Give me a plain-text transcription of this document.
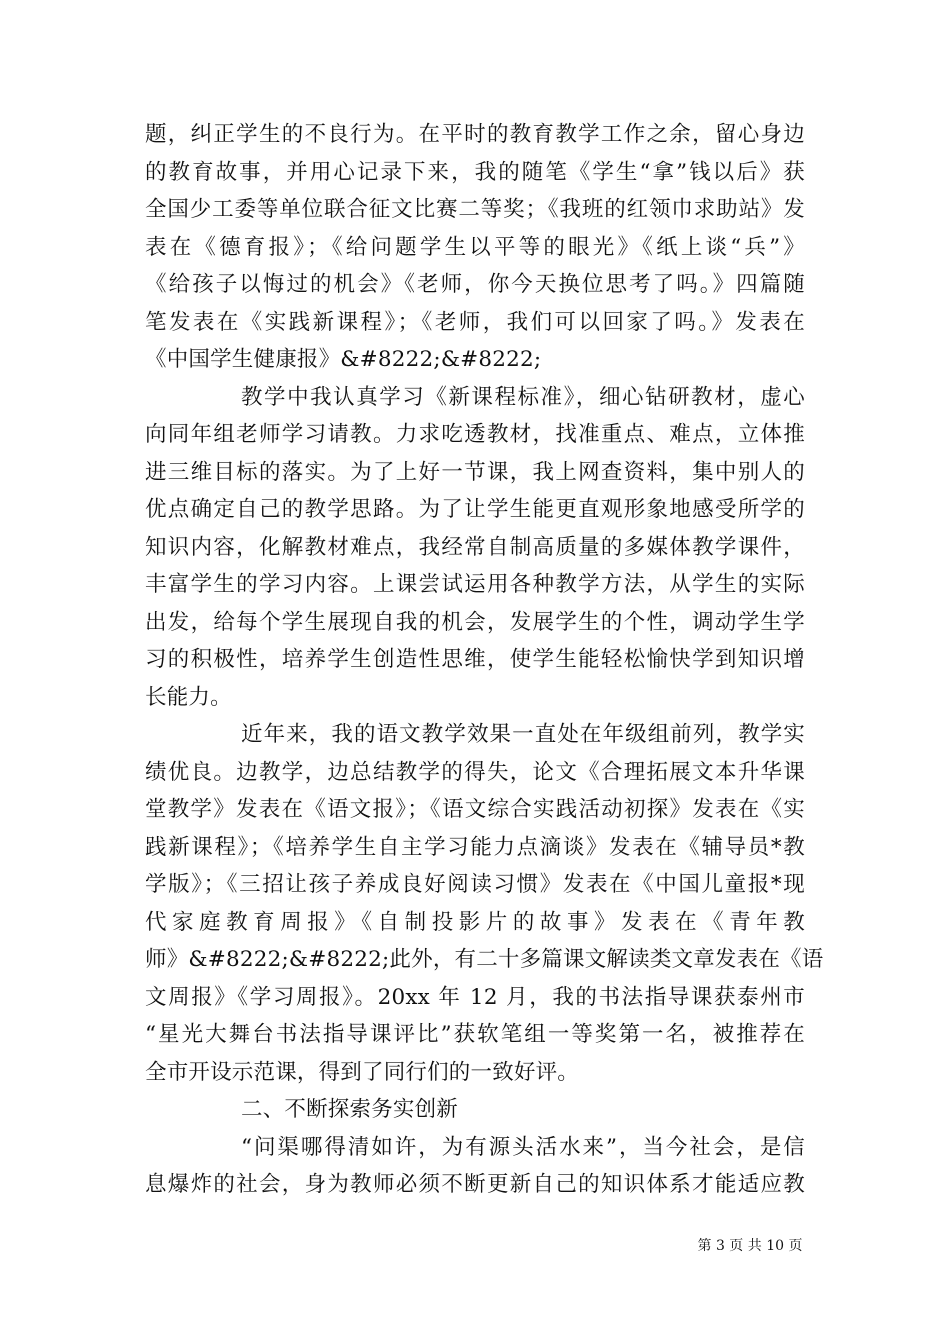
题，纠正学生的不良行为。在平时的教育教学工作之余，留心身边
的教育故事，并用心记录下来，我的随笔《学生“拿”钱以后》获
全国少工委等单位联合征文比赛二等奖；《我班的红领巾求助站》发
表在《德育报》；《给问题学生以平等的眼光》《纸上谈“兵”》
《给孩子以悔过的机会》《老师，你今天换位思考了吗。》四篇随
笔发表在《实践新课程》；《老师，我们可以回家了吗。》发表在
《中国学生健康报》&#8222;&#8222;
教学中我认真学习《新课程标准》，细心钻研教材，虚心
向同年组老师学习请教。力求吃透教材，找准重点、难点，立体推
进三维目标的落实。为了上好一节课，我上网查资料，集中别人的
优点确定自己的教学思路。为了让学生能更直观形象地感受所学的
知识内容，化解教材难点，我经常自制高质量的多媒体教学课件，
丰富学生的学习内容。上课尝试运用各种教学方法，从学生的实际
出发，给每个学生展现自我的机会，发展学生的个性，调动学生学
习的积极性，培养学生创造性思维，使学生能轻松愉快学到知识增
长能力。
近年来，我的语文教学效果一直处在年级组前列，教学实
绩优良。边教学，边总结教学的得失，论文《合理拓展文本升华课
堂教学》发表在《语文报》；《语文综合实践活动初探》发表在《实
践新课程》；《培养学生自主学习能力点滴谈》发表在《辅导员*教
学版》；《三招让孩子养成良好阅读习惯》发表在《中国儿童报*现
代家庭教育周报》《自制投影片的故事》发表在《青年教
师》&#8222;&#8222;此外，有二十多篇课文解读类文章发表在《语
文周报》《学习周报》。20xx 年 12 月，我的书法指导课获泰州市
“星光大舞台书法指导课评比”获软笔组一等奖第一名，被推荐在
全市开设示范课，得到了同行们的一致好评。
二、不断探索务实创新
“问渠哪得清如许，为有源头活水来”，当今社会，是信
息爆炸的社会，身为教师必须不断更新自己的知识体系才能适应教
第 3 页 共 10 页
